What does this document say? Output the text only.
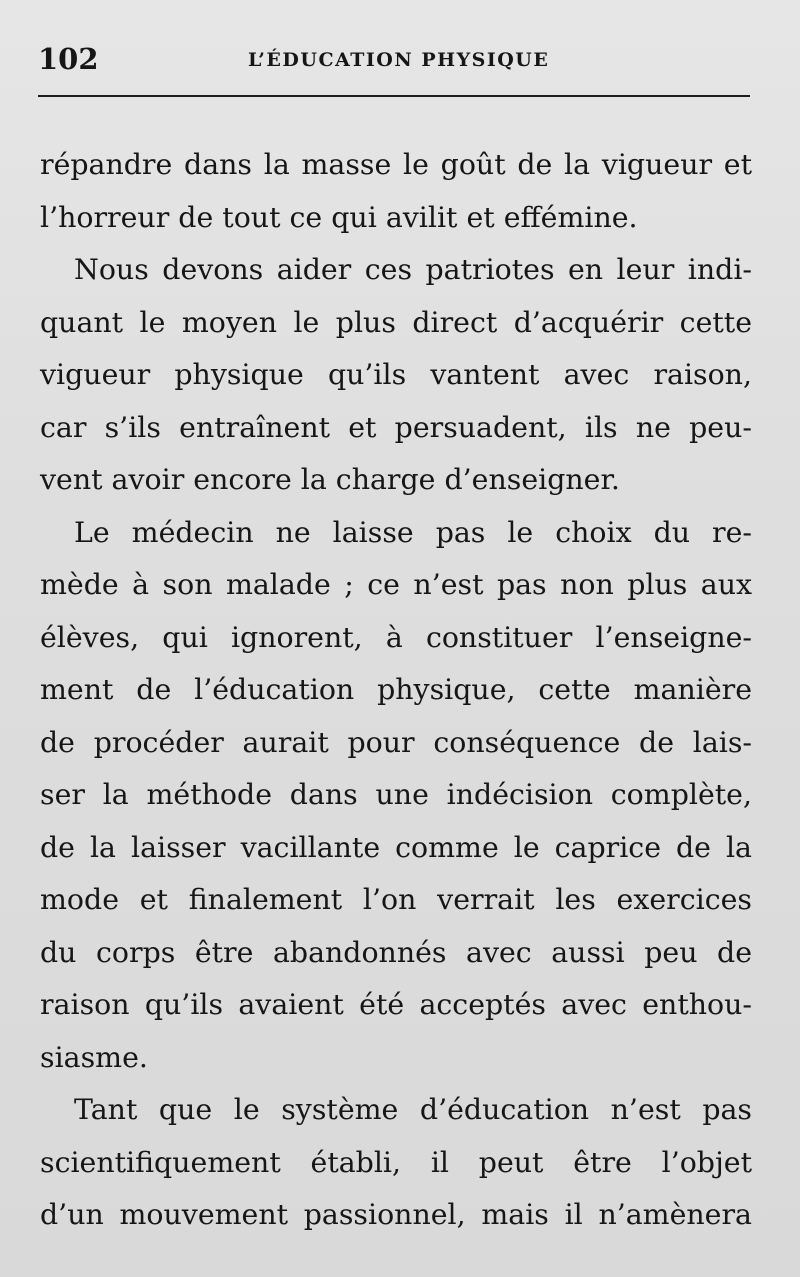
102	L’ÉDUCATION PHYSIQUE
répandre dans la masse le goût de la vigueur et
l’horreur de tout ce qui avilit et efféminе.
Nous devons aider ces patriotes en leur indi-
quant le moyen le plus direct d’acquérir cette
vigueur physique qu’ils vantent avec raison,
car s’ils entraînent et persuadent, ils ne peu-
vent avoir encore la charge d’enseigner.
Le médecin ne laisse pas le choix du re-
mède à son malade ; ce n’est pas non plus aux
élèves, qui ignorent, à constituer l’enseigne-
ment de l’éducation physique, cette manière
de procéder aurait pour conséquence de lais-
ser la méthode dans une indécision complète,
de la laisser vacillante comme le caprice de la
mode et finalement l’on verrait les exercices
du corps être abandonnés avec aussi peu de
raison qu’ils avaient été acceptés avec enthou-
siasme.
Tant que le système d’éducation n’est pas
scientifiquement établi, il peut être l’objet
d’un mouvement passionnel, mais il n’amènera
